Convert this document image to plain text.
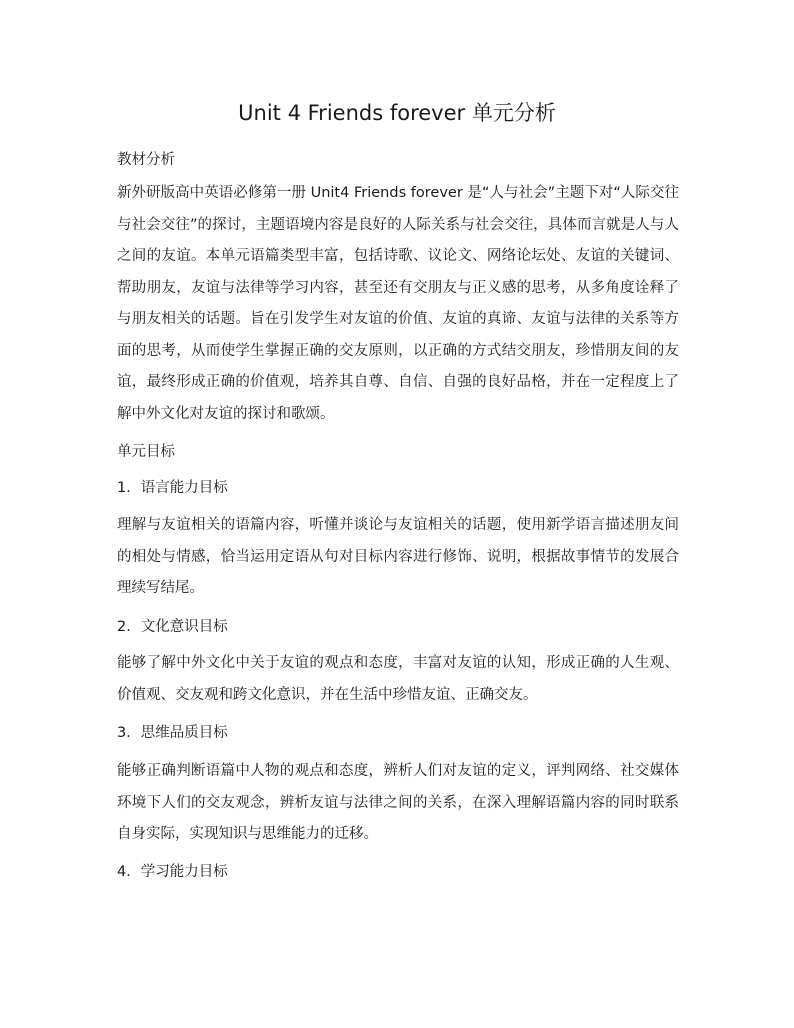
Unit 4 Friends forever 单元分析
教材分析
新外研版高中英语必修第一册 Unit4 Friends forever 是“人与社会”主题下对“人际交往与社会交往”的探讨，主题语境内容是良好的人际关系与社会交往，具体而言就是人与人之间的友谊。本单元语篇类型丰富，包括诗歌、议论文、网络论坛处、友谊的关键词、帮助朋友，友谊与法律等学习内容，甚至还有交朋友与正义感的思考，从多角度诠释了与朋友相关的话题。旨在引发学生对友谊的价值、友谊的真谛、友谊与法律的关系等方面的思考，从而使学生掌握正确的交友原则，以正确的方式结交朋友，珍惜朋友间的友谊，最终形成正确的价值观，培养其自尊、自信、自强的良好品格，并在一定程度上了解中外文化对友谊的探讨和歌颂。
单元目标
1．语言能力目标
理解与友谊相关的语篇内容，听懂并谈论与友谊相关的话题，使用新学语言描述朋友间的相处与情感，恰当运用定语从句对目标内容进行修饰、说明，根据故事情节的发展合理续写结尾。
2．文化意识目标
能够了解中外文化中关于友谊的观点和态度，丰富对友谊的认知，形成正确的人生观、价值观、交友观和跨文化意识，并在生活中珍惜友谊、正确交友。
3．思维品质目标
能够正确判断语篇中人物的观点和态度，辨析人们对友谊的定义，评判网络、社交媒体环境下人们的交友观念，辨析友谊与法律之间的关系，在深入理解语篇内容的同时联系自身实际，实现知识与思维能力的迁移。
4．学习能力目标
